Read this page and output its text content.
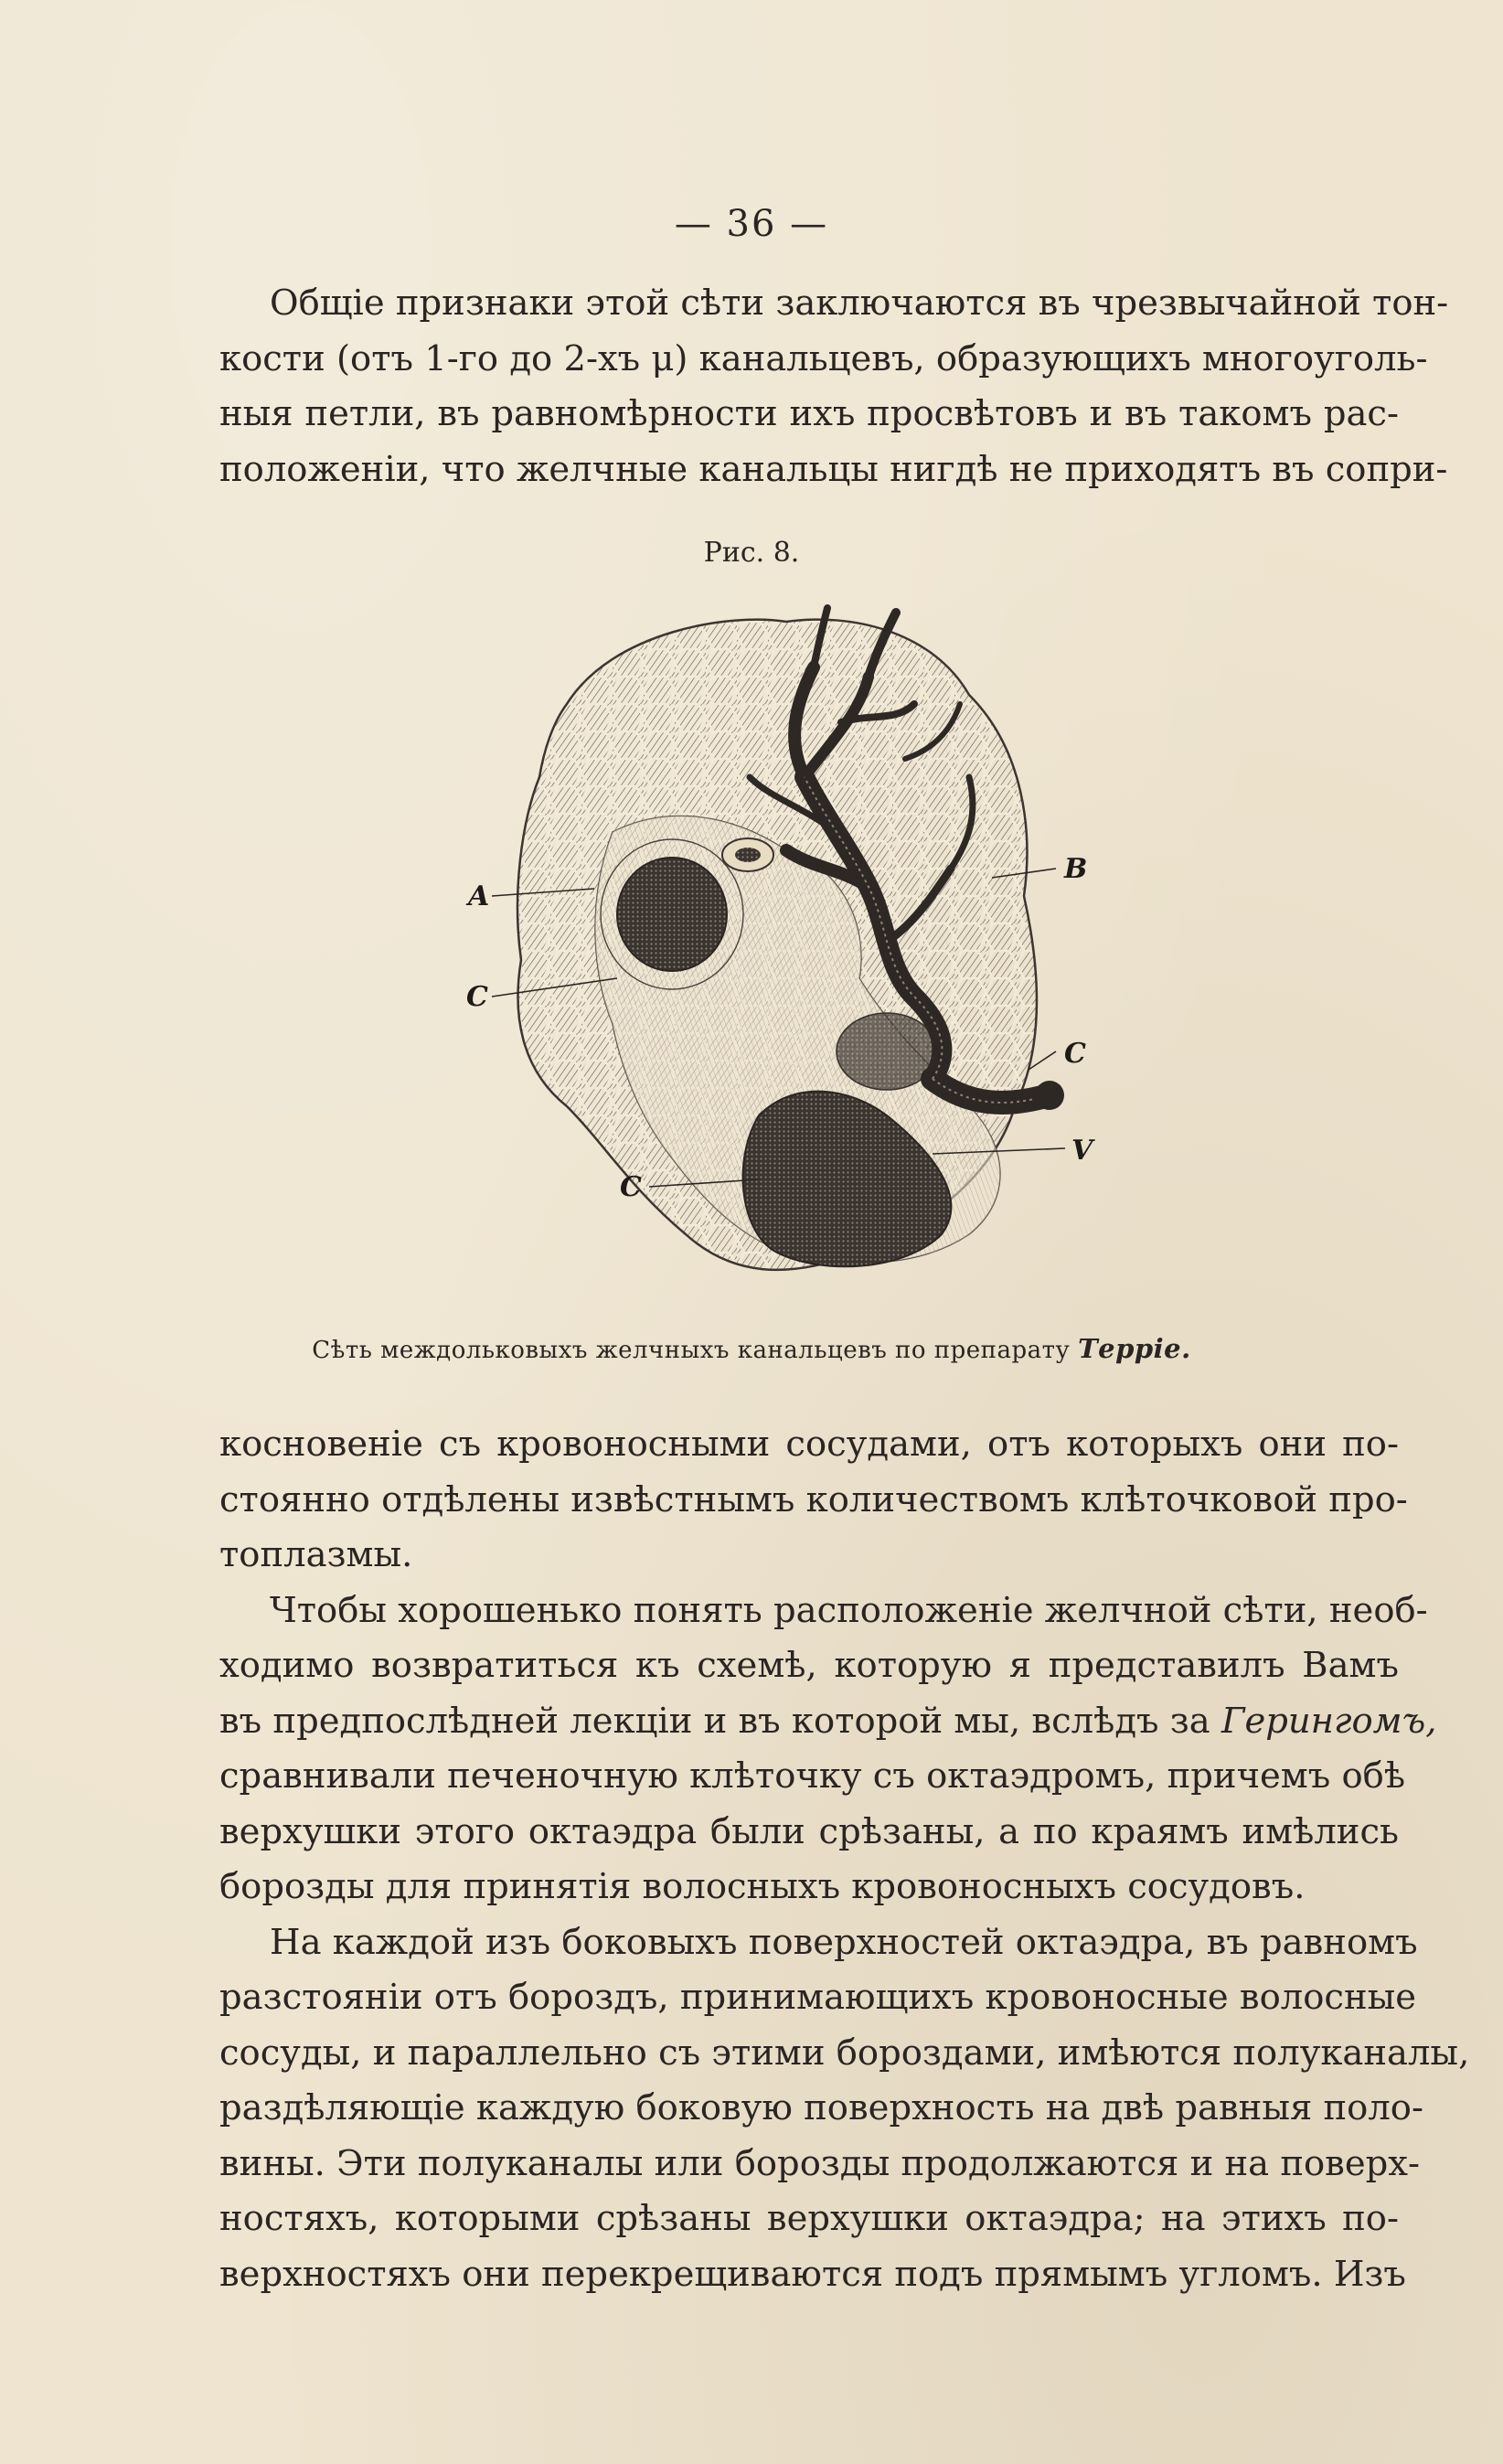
— 36 —
Общіе признаки этой сѣти заключаются въ чрезвычайной тон-
кости (отъ 1-го до 2-хъ μ) канальцевъ, образующихъ многоуголь-
ныя петли, въ равномѣрности ихъ просвѣтовъ и въ такомъ рас-
положеніи, что желчные канальцы нигдѣ не приходятъ въ сопри-
Рис. 8.
A
C
B
C
V
C
Сѣть междольковыхъ желчныхъ канальцевъ по препарату Терріе.
косновеніе съ кровоносными сосудами, отъ которыхъ они по-
стоянно отдѣлены извѣстнымъ количествомъ клѣточковой про-
топлазмы.
Чтобы хорошенько понять расположеніе желчной сѣти, необ-
ходимо возвратиться къ схемѣ, которую я представилъ Вамъ
въ предпослѣдней лекціи и въ которой мы, вслѣдъ за Герингомъ,
сравнивали печеночную клѣточку съ октаэдромъ, причемъ обѣ
верхушки этого октаэдра были срѣзаны, а по краямъ имѣлись
борозды для принятія волосныхъ кровоносныхъ сосудовъ.
На каждой изъ боковыхъ поверхностей октаэдра, въ равномъ
разстояніи отъ бороздъ, принимающихъ кровоносные волосные
сосуды, и параллельно съ этими бороздами, имѣются полуканалы,
раздѣляющіе каждую боковую поверхность на двѣ равныя поло-
вины. Эти полуканалы или борозды продолжаются и на поверх-
ностяхъ, которыми срѣзаны верхушки октаэдра; на этихъ по-
верхностяхъ они перекрещиваются подъ прямымъ угломъ. Изъ
